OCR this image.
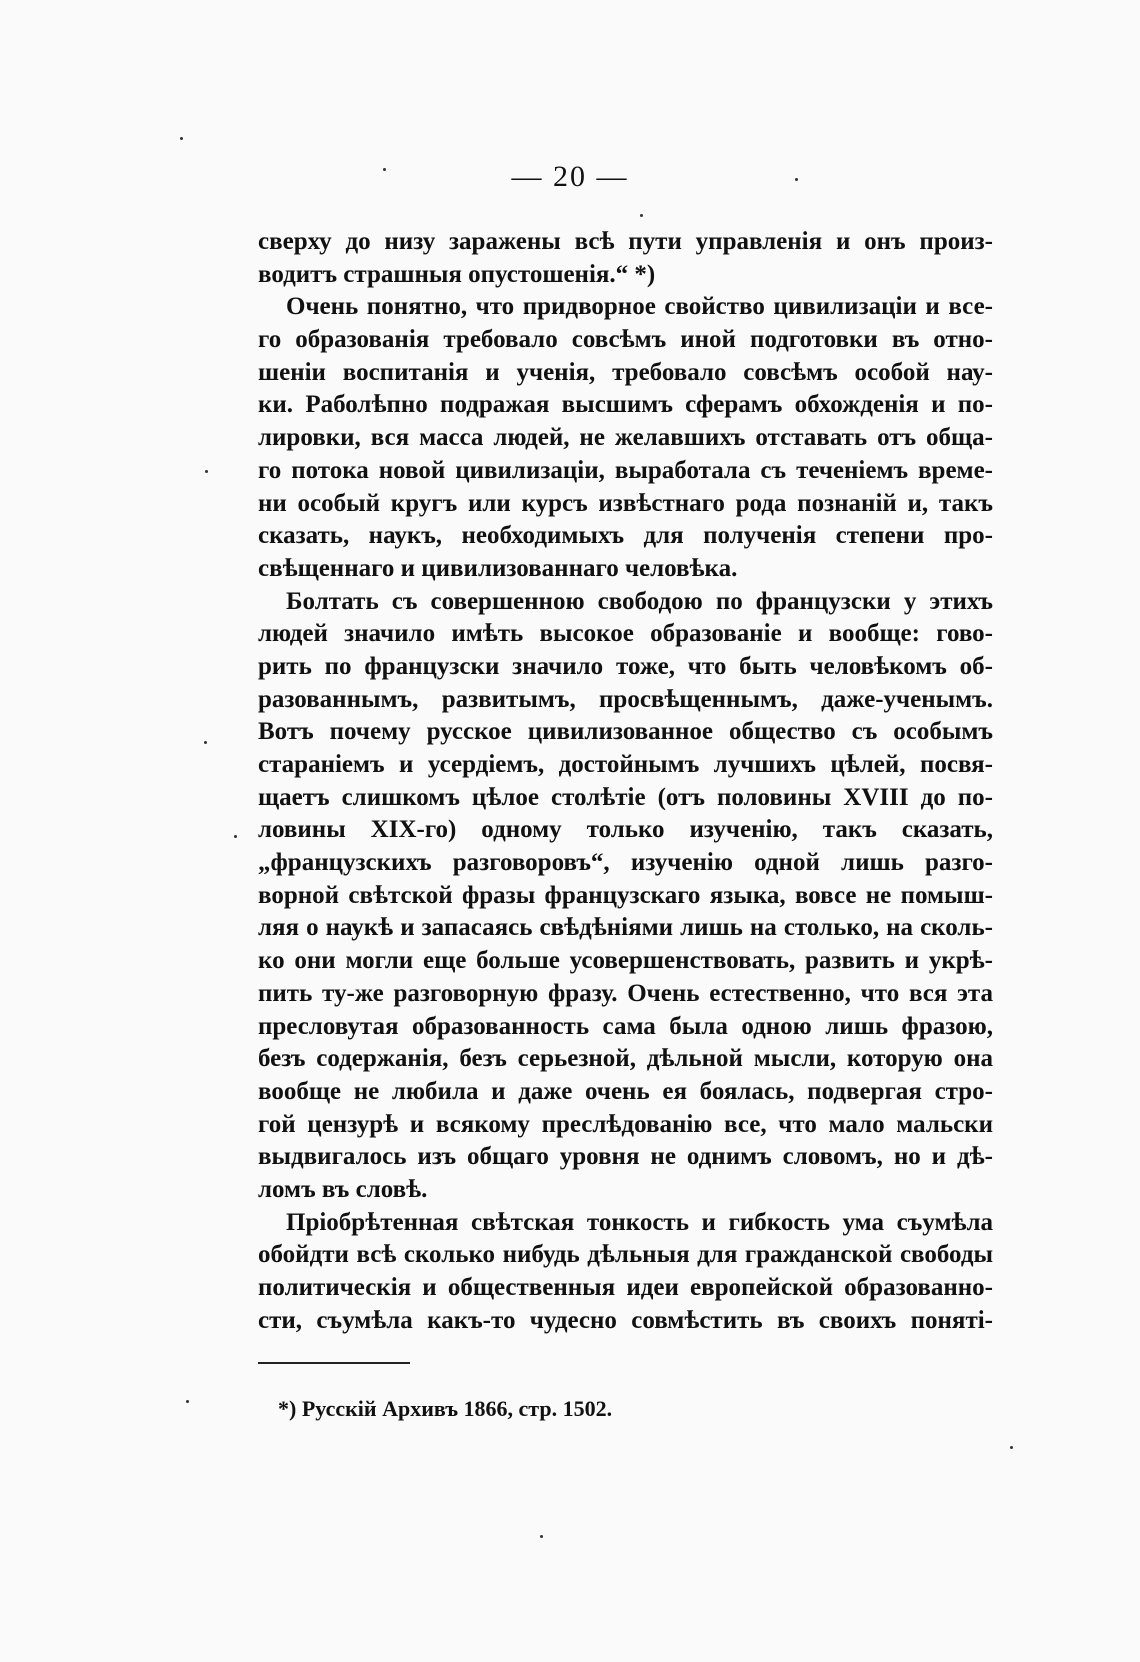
— 20 —
сверху до низу заражены всѣ пути управленія и онъ произ-
водитъ страшныя опустошенія.“ *)
Очень понятно, что придворное свойство цивилизаціи и все-
го образованія требовало совсѣмъ иной подготовки въ отно-
шеніи воспитанія и ученія, требовало совсѣмъ особой нау-
ки. Раболѣпно подражая высшимъ сферамъ обхожденія и по-
лировки, вся масса людей, не желавшихъ отставать отъ обща-
го потока новой цивилизаціи, выработала съ теченіемъ време-
ни особый кругъ или курсъ извѣстнаго рода познаній и, такъ
сказать, наукъ, необходимыхъ для полученія степени про-
свѣщеннаго и цивилизованнаго человѣка.
Болтать съ совершенною свободою по французски у этихъ
людей значило имѣть высокое образованіе и вообще: гово-
рить по французски значило тоже, что быть человѣкомъ об-
разованнымъ, развитымъ, просвѣщеннымъ, даже-ученымъ.
Вотъ почему русское цивилизованное общество съ особымъ
стараніемъ и усердіемъ, достойнымъ лучшихъ цѣлей, посвя-
щаетъ слишкомъ цѣлое столѣтіе (отъ половины XVIII до по-
ловины XIX-го) одному только изученію, такъ сказать,
„французскихъ разговоровъ“, изученію одной лишь разго-
ворной свѣтской фразы французскаго языка, вовсе не помыш-
ляя о наукѣ и запасаясь свѣдѣніями лишь на столько, на сколь-
ко они могли еще больше усовершенствовать, развить и укрѣ-
пить ту-же разговорную фразу. Очень естественно, что вся эта
пресловутая образованность сама была одною лишь фразою,
безъ содержанія, безъ серьезной, дѣльной мысли, которую она
вообще не любила и даже очень ея боялась, подвергая стро-
гой цензурѣ и всякому преслѣдованію все, что мало мальски
выдвигалось изъ общаго уровня не однимъ словомъ, но и дѣ-
ломъ въ словѣ.
Пріобрѣтенная свѣтская тонкость и гибкость ума съумѣла
обойдти всѣ сколько нибудь дѣльныя для гражданской свободы
политическія и общественныя идеи европейской образованно-
сти, съумѣла какъ-то чудесно совмѣстить въ своихъ поняті-
*) Русскій Архивъ 1866, стр. 1502.
